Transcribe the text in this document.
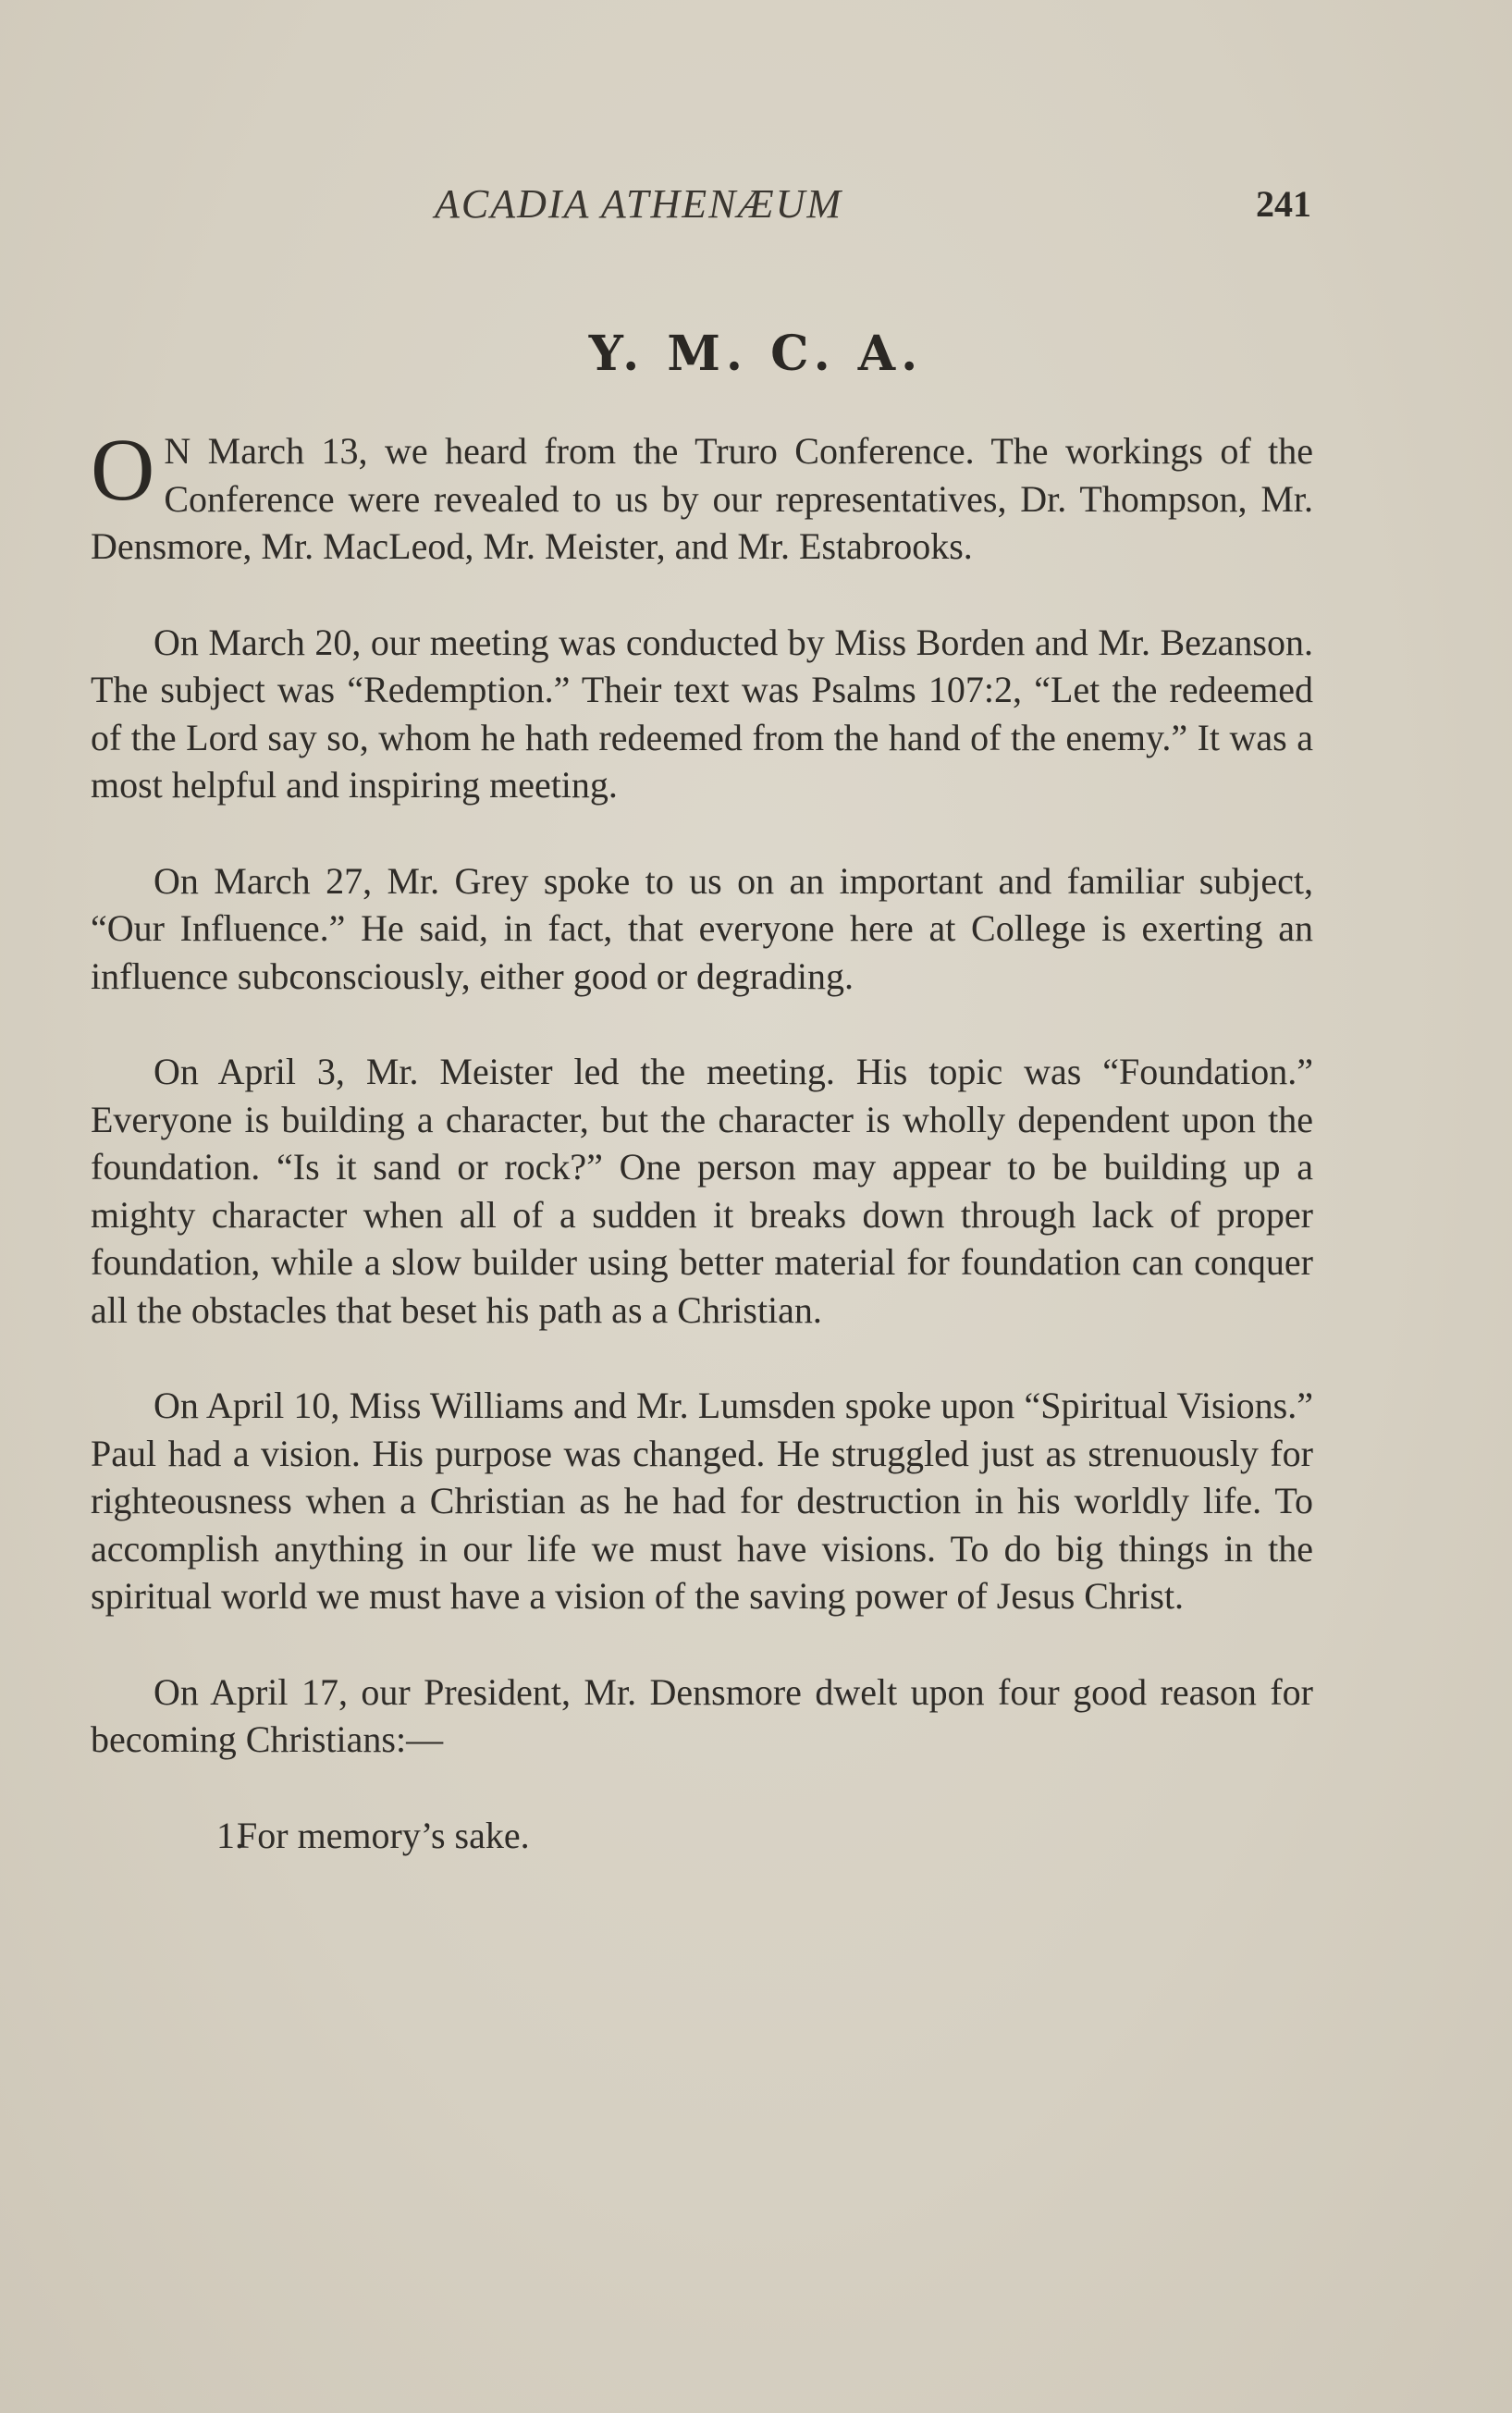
ACADIA ATHENÆUM	241
Y. M. C. A.

O N March 13, we heard from the Truro Conference. The workings of the Conference were revealed to us by our representatives, Dr. Thompson, Mr. Densmore, Mr. MacLeod, Mr. Meister, and Mr. Estabrooks.

On March 20, our meeting was conducted by Miss Borden and Mr. Bezanson. The subject was “Redemption.” Their text was Psalms 107:2, “Let the redeemed of the Lord say so, whom he hath redeemed from the hand of the enemy.” It was a most helpful and inspiring meeting.

On March 27, Mr. Grey spoke to us on an important and familiar subject, “Our Influence.” He said, in fact, that everyone here at College is exerting an influence subconsciously, either good or degrading.

On April 3, Mr. Meister led the meeting. His topic was “Foundation.” Everyone is building a character, but the character is wholly dependent upon the foundation. “Is it sand or rock?” One person may appear to be building up a mighty character when all of a sudden it breaks down through lack of proper foundation, while a slow builder using better material for foundation can conquer all the obstacles that beset his path as a Christian.

On April 10, Miss Williams and Mr. Lumsden spoke upon “Spiritual Visions.” Paul had a vision. His purpose was changed. He struggled just as strenuously for righteousness when a Christian as he had for destruction in his worldly life. To accomplish anything in our life we must have visions. To do big things in the spiritual world we must have a vision of the saving power of Jesus Christ.

On April 17, our President, Mr. Densmore dwelt upon four good reason for becoming Christians:—

1.For memory’s sake.
